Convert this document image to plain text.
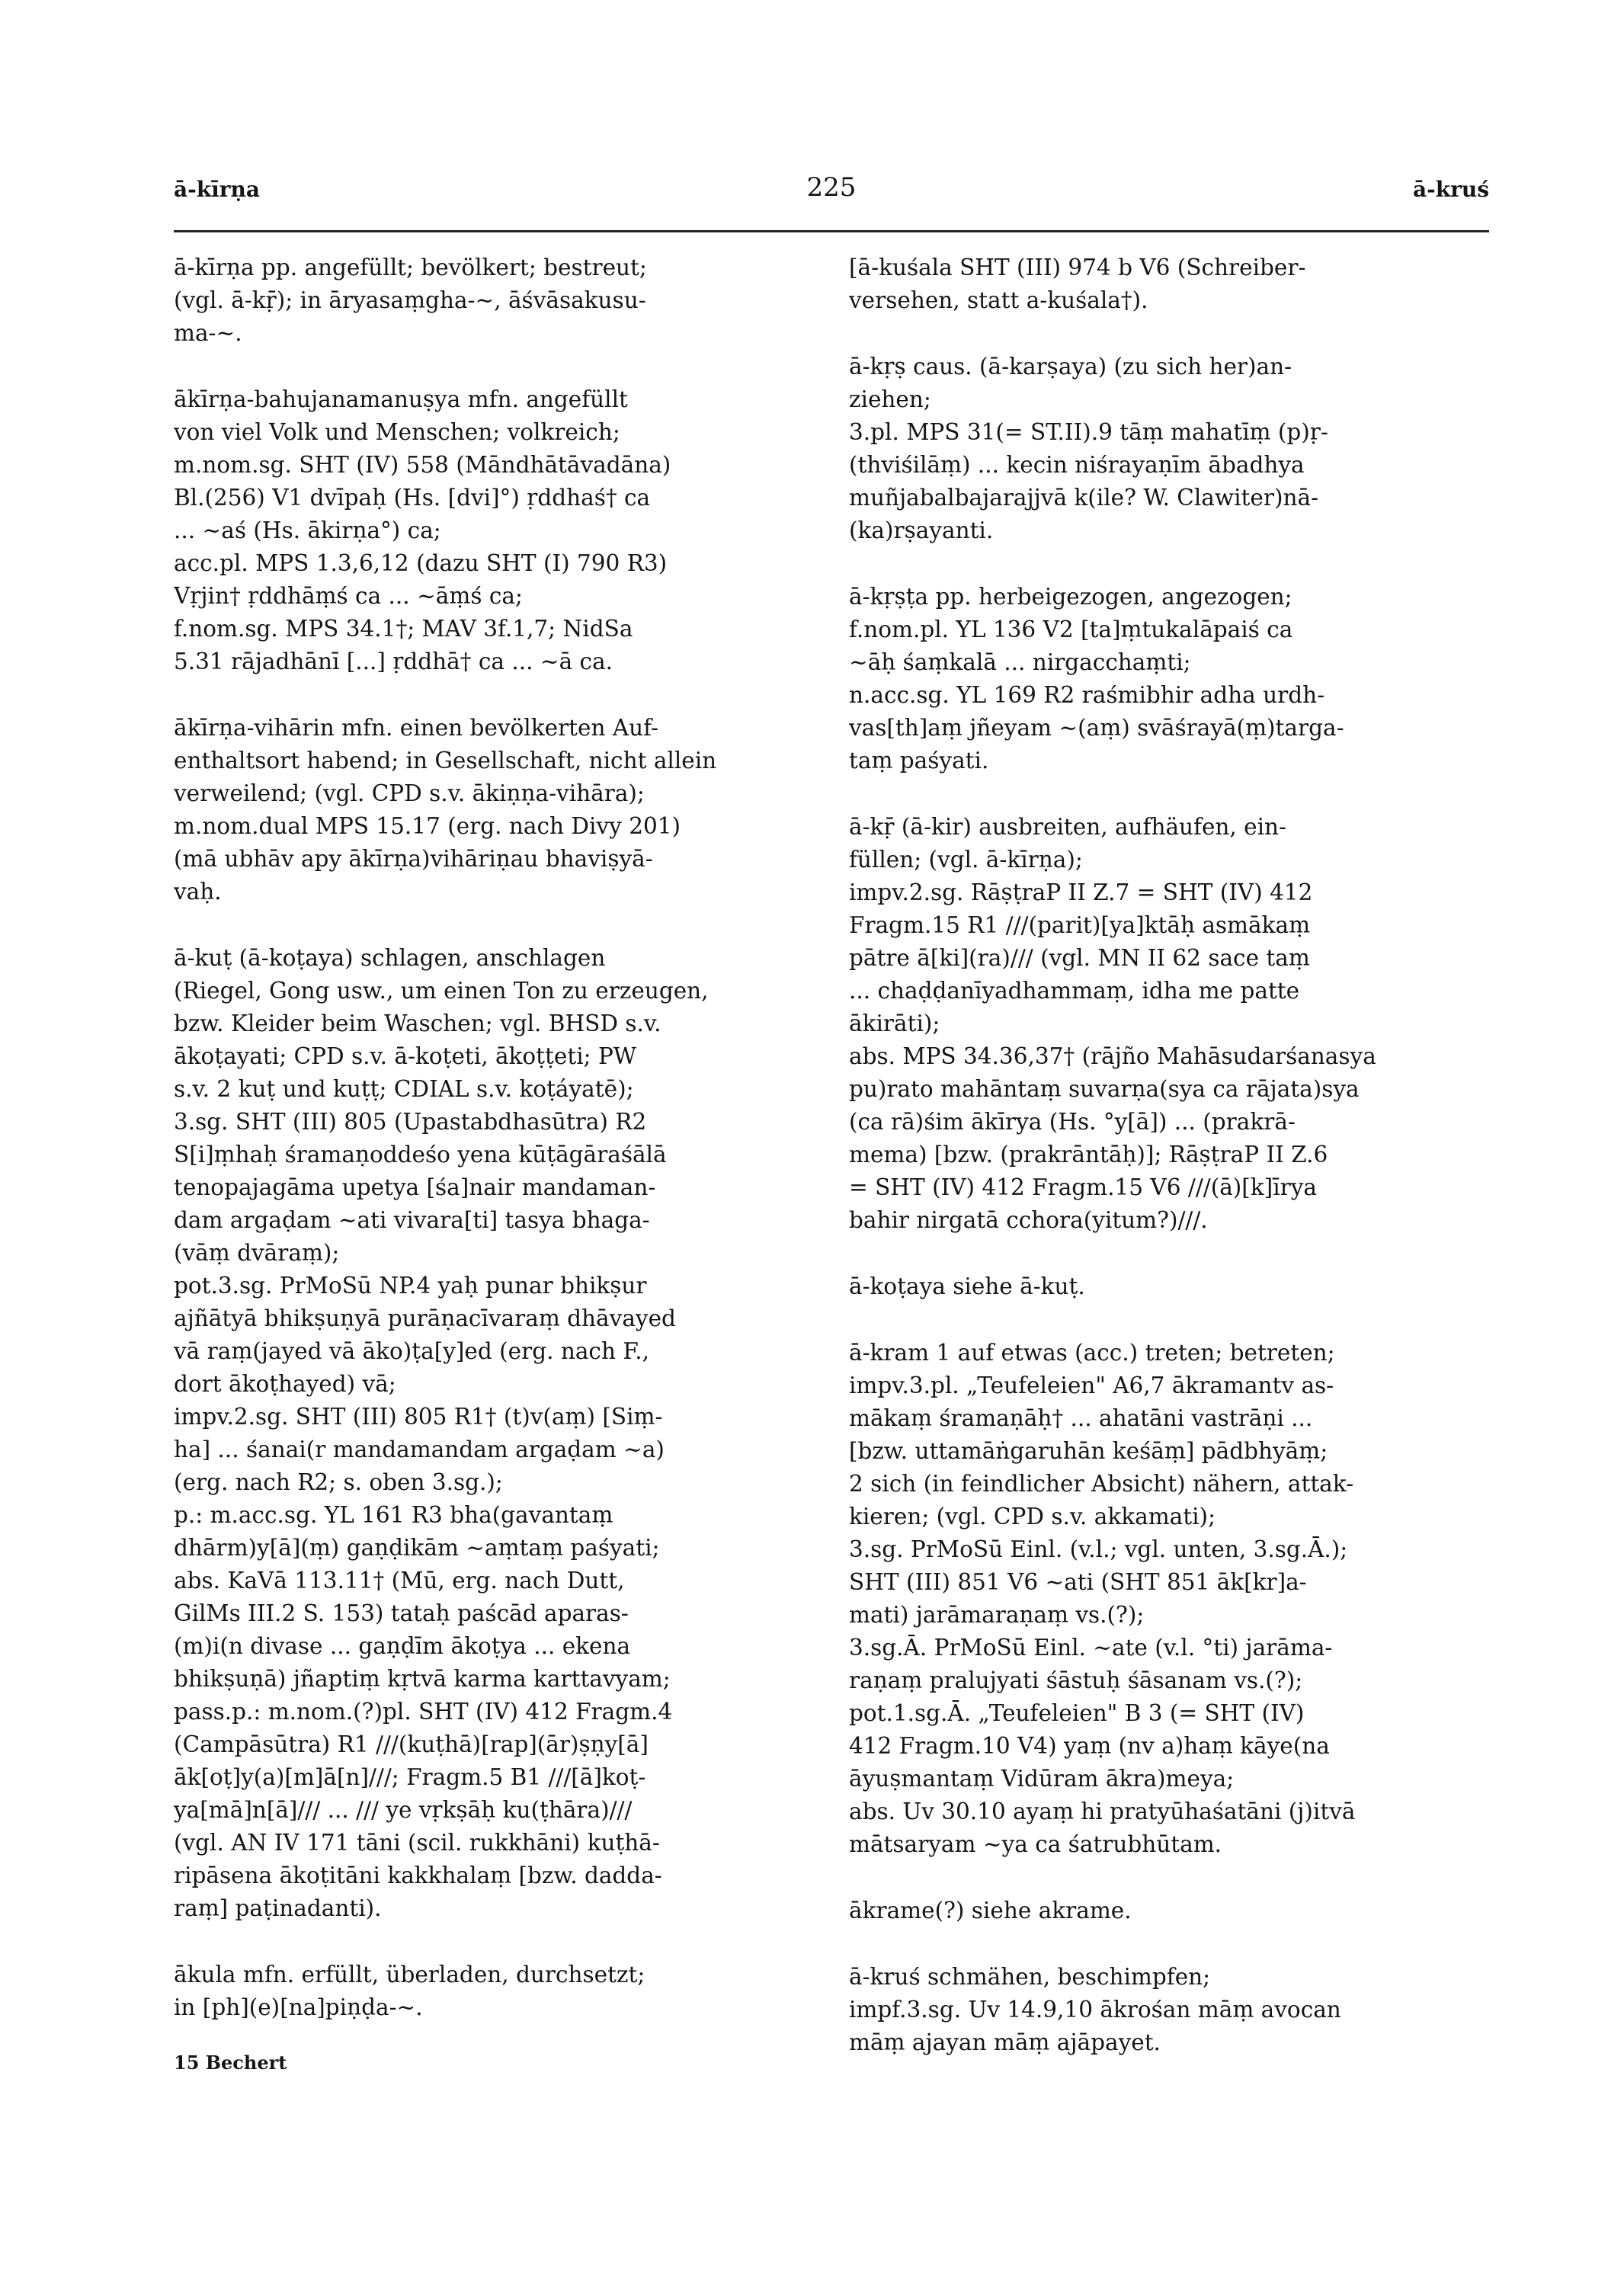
ā-kīrṇa	225	ā-kruś
ā-kīrṇa pp. angefüllt; bevölkert; bestreut;
(vgl. ā-kṝ); in āryasaṃgha-~, āśvāsakusu-
ma-~.
ākīrṇa-bahujanamanuṣya mfn. angefüllt
von viel Volk und Menschen; volkreich;
m.nom.sg. SHT (IV) 558 (Māndhātāvadāna)
Bl.(256) V1 dvīpaḥ (Hs. [dvi]°) ṛddhaś† ca
... ~aś (Hs. ākirṇa°) ca;
acc.pl. MPS 1.3,6,12 (dazu SHT (I) 790 R3)
Vṛjin† ṛddhāṃś ca ... ~āṃś ca;
f.nom.sg. MPS 34.1†; MAV 3f.1,7; NidSa
5.31 rājadhānī [...] ṛddhā† ca ... ~ā ca.
ākīrṇa-vihārin mfn. einen bevölkerten Auf-
enthaltsort habend; in Gesellschaft, nicht allein
verweilend; (vgl. CPD s.v. ākiṇṇa-vihāra);
m.nom.dual MPS 15.17 (erg. nach Divy 201)
(mā ubhāv apy ākīrṇa)vihāriṇau bhaviṣyā-
vaḥ.
ā-kuṭ (ā-koṭaya) schlagen, anschlagen
(Riegel, Gong usw., um einen Ton zu erzeugen,
bzw. Kleider beim Waschen; vgl. BHSD s.v.
ākoṭayati; CPD s.v. ā-koṭeti, ākoṭṭeti; PW
s.v. 2 kuṭ und kuṭṭ; CDIAL s.v. koṭáyatē);
3.sg. SHT (III) 805 (Upastabdhasūtra) R2
S[i]ṃhaḥ śramaṇoddeśo yena kūṭāgāraśālā
tenopajagāma upetya [śa]nair mandaman-
dam argaḍam ~ati vivara[ti] tasya bhaga-
(vāṃ dvāraṃ);
pot.3.sg. PrMoSū NP.4 yaḥ punar bhikṣur
ajñātyā bhikṣuṇyā purāṇacīvaraṃ dhāvayed
vā raṃ(jayed vā āko)ṭa[y]ed (erg. nach F.,
dort ākoṭhayed) vā;
impv.2.sg. SHT (III) 805 R1† (t)v(aṃ) [Siṃ-
ha] ... śanai(r mandamandam argaḍam ~a)
(erg. nach R2; s. oben 3.sg.);
p.: m.acc.sg. YL 161 R3 bha(gavantaṃ
dhārm)y[ā](ṃ) gaṇḍikām ~aṃtaṃ paśyati;
abs. KaVā 113.11† (Mū, erg. nach Dutt,
GilMs III.2 S. 153) tataḥ paścād aparas-
(m)i(n divase ... gaṇḍīm ākoṭya ... ekena
bhikṣuṇā) jñaptiṃ kṛtvā karma karttavyam;
pass.p.: m.nom.(?)pl. SHT (IV) 412 Fragm.4
(Campāsūtra) R1 ///(kuṭhā)[rap](ār)ṣṇy[ā]
āk[oṭ]y(a)[m]ā[n]///; Fragm.5 B1 ///[ā]koṭ-
ya[mā]n[ā]/// ... /// ye vṛkṣāḥ ku(ṭhāra)///
(vgl. AN IV 171 tāni (scil. rukkhāni) kuṭhā-
ripāsena ākoṭitāni kakkhalaṃ [bzw. dadda-
raṃ] paṭinadanti).
ākula mfn. erfüllt, überladen, durchsetzt;
in [ph](e)[na]piṇḍa-~.
[ā-kuśala SHT (III) 974 b V6 (Schreiber-
versehen, statt a-kuśala†).
ā-kṛṣ caus. (ā-karṣaya) (zu sich her)an-
ziehen;
3.pl. MPS 31(= ST.II).9 tāṃ mahatīṃ (p)ṛ-
(thviśilāṃ) ... kecin niśrayaṇīm ābadhya
muñjabalbajarajjvā k(ile? W. Clawiter)nā-
(ka)rṣayanti.
ā-kṛṣṭa pp. herbeigezogen, angezogen;
f.nom.pl. YL 136 V2 [ta]ṃtukalāpaiś ca
~āḥ śaṃkalā ... nirgacchaṃti;
n.acc.sg. YL 169 R2 raśmibhir adha urdh-
vas[th]aṃ jñeyam ~(aṃ) svāśrayā(ṃ)targa-
taṃ paśyati.
ā-kṝ (ā-kir) ausbreiten, aufhäufen, ein-
füllen; (vgl. ā-kīrṇa);
impv.2.sg. RāṣṭraP II Z.7 = SHT (IV) 412
Fragm.15 R1 ///(parit)[ya]ktāḥ asmākaṃ
pātre ā[ki](ra)/// (vgl. MN II 62 sace taṃ
... chaḍḍanīyadhammaṃ, idha me patte
ākirāti);
abs. MPS 34.36,37† (rājño Mahāsudarśanasya
pu)rato mahāntaṃ suvarṇa(sya ca rājata)sya
(ca rā)śim ākīrya (Hs. °y[ā]) ... (prakrā-
mema) [bzw. (prakrāntāḥ)]; RāṣṭraP II Z.6
= SHT (IV) 412 Fragm.15 V6 ///(ā)[k]īrya
bahir nirgatā cchora(yitum?)///.
ā-koṭaya siehe ā-kuṭ.
ā-kram 1 auf etwas (acc.) treten; betreten;
impv.3.pl. „Teufeleien" A6,7 ākramantv as-
mākaṃ śramaṇāḥ† ... ahatāni vastrāṇi ...
[bzw. uttamāṅgaruhān keśāṃ] pādbhyāṃ;
2 sich (in feindlicher Absicht) nähern, attak-
kieren; (vgl. CPD s.v. akkamati);
3.sg. PrMoSū Einl. (v.l.; vgl. unten, 3.sg.Ā.);
SHT (III) 851 V6 ~ati (SHT 851 āk[kr]a-
mati) jarāmaraṇaṃ vs.(?);
3.sg.Ā. PrMoSū Einl. ~ate (v.l. °ti) jarāma-
raṇaṃ pralujyati śāstuḥ śāsanam vs.(?);
pot.1.sg.Ā. „Teufeleien" B 3 (= SHT (IV)
412 Fragm.10 V4) yaṃ (nv a)haṃ kāye(na
āyuṣmantaṃ Vidūram ākra)meya;
abs. Uv 30.10 ayaṃ hi pratyūhaśatāni (j)itvā
mātsaryam ~ya ca śatrubhūtam.
ākrame(?) siehe akrame.
ā-kruś schmähen, beschimpfen;
impf.3.sg. Uv 14.9,10 ākrośan māṃ avocan
māṃ ajayan māṃ ajāpayet.
15 Bechert
